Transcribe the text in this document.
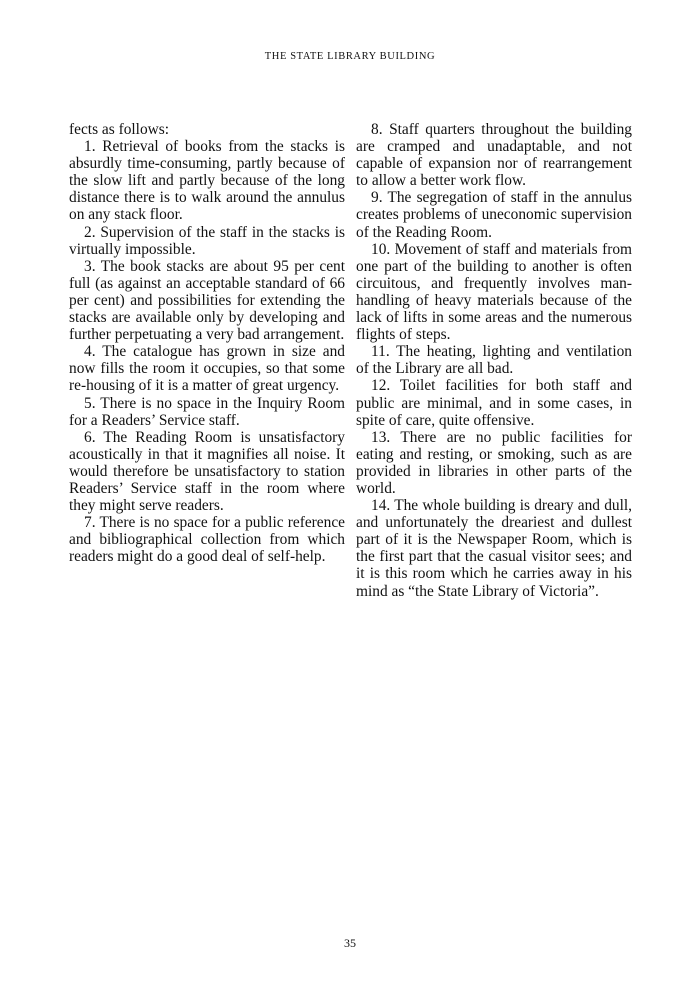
THE STATE LIBRARY BUILDING

fects as follows:

1. Retrieval of books from the stacks is absurdly time-consuming, partly because of the slow lift and partly because of the long distance there is to walk around the annulus on any stack floor.

2. Supervision of the staff in the stacks is virtually impossible.

3. The book stacks are about 95 per cent full (as against an acceptable standard of 66 per cent) and possibilities for extending the stacks are available only by developing and further perpetuating a very bad arrangement.

4. The catalogue has grown in size and now fills the room it occupies, so that some re-housing of it is a matter of great urgency.

5. There is no space in the Inquiry Room for a Readers’ Service staff.

6. The Reading Room is unsatisfactory acoustically in that it magnifies all noise. It would therefore be unsatisfactory to station Readers’ Service staff in the room where they might serve readers.

7. There is no space for a public reference and bibliographical collection from which readers might do a good deal of self-help.

8. Staff quarters throughout the building are cramped and unadaptable, and not capable of expansion nor of rearrangement to allow a better work flow.

9. The segregation of staff in the annulus creates problems of uneconomic supervision of the Reading Room.

10. Movement of staff and materials from one part of the building to another is often circuitous, and frequently involves man-handling of heavy materials because of the lack of lifts in some areas and the numerous flights of steps.

11. The heating, lighting and ventilation of the Library are all bad.

12. Toilet facilities for both staff and public are minimal, and in some cases, in spite of care, quite offensive.

13. There are no public facilities for eating and resting, or smoking, such as are provided in libraries in other parts of the world.

14. The whole building is dreary and dull, and unfortunately the dreariest and dullest part of it is the Newspaper Room, which is the first part that the casual visitor sees; and it is this room which he carries away in his mind as “the State Library of Victoria”.

35
